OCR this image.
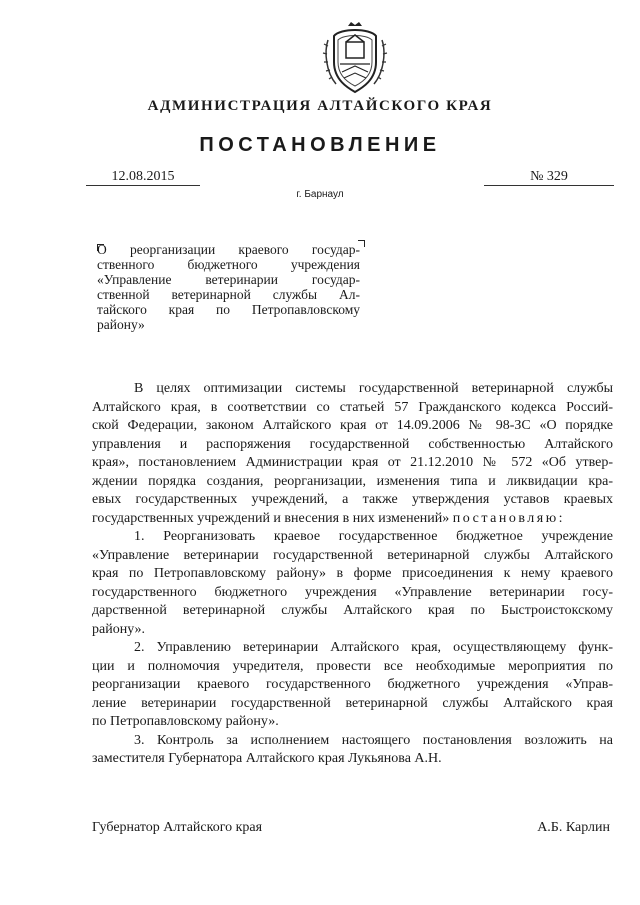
АДМИНИСТРАЦИЯ АЛТАЙСКОГО КРАЯ
ПОСТАНОВЛЕНИЕ
12.08.2015	№ 329
г. Барнаул
О реорганизации краевого государ-
ственного бюджетного учреждения
«Управление ветеринарии государ-
ственной ветеринарной службы Ал-
тайского края по Петропавловскому
району»
В целях оптимизации системы государственной ветеринарной службы
Алтайского края, в соответствии со статьей 57 Гражданского кодекса Россий-
ской Федерации, законом Алтайского края от 14.09.2006 № 98-ЗС «О порядке
управления и распоряжения государственной собственностью Алтайского
края», постановлением Администрации края от 21.12.2010 № 572 «Об утвер-
ждении порядка создания, реорганизации, изменения типа и ликвидации кра-
евых государственных учреждений, а также утверждения уставов краевых
государственных учреждений и внесения в них изменений» постановляю:
1. Реорганизовать краевое государственное бюджетное учреждение
«Управление ветеринарии государственной ветеринарной службы Алтайского
края по Петропавловскому району» в форме присоединения к нему краевого
государственного бюджетного учреждения «Управление ветеринарии госу-
дарственной ветеринарной службы Алтайского края по Быстроистокскому
району».
2. Управлению ветеринарии Алтайского края, осуществляющему функ-
ции и полномочия учредителя, провести все необходимые мероприятия по
реорганизации краевого государственного бюджетного учреждения «Управ-
ление ветеринарии государственной ветеринарной службы Алтайского края
по Петропавловскому району».
3. Контроль за исполнением настоящего постановления возложить на
заместителя Губернатора Алтайского края Лукьянова А.Н.
Губернатор Алтайского края	А.Б. Карлин
